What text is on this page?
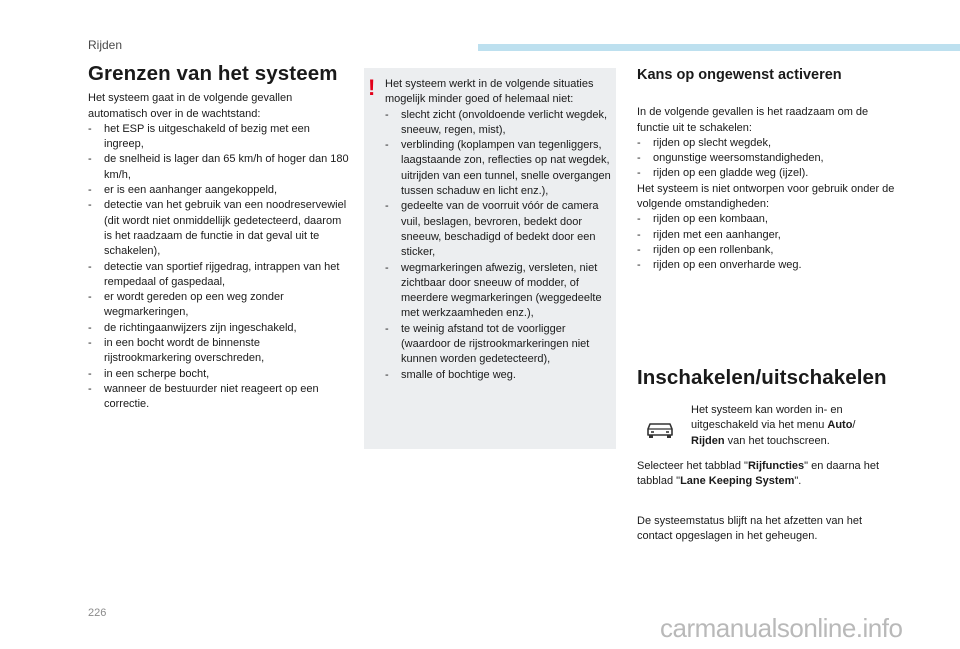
Rijden
Grenzen van het systeem

Het systeem gaat in de volgende gevallen automatisch over in de wachtstand:

- het ESP is uitgeschakeld of bezig met een ingreep,
- de snelheid is lager dan 65 km/h of hoger dan 180 km/h,
- er is een aanhanger aangekoppeld,
- detectie van het gebruik van een noodreservewiel (dit wordt niet onmiddellijk gedetecteerd, daarom is het raadzaam de functie in dat geval uit te schakelen),
- detectie van sportief rijgedrag, intrappen van het rempedaal of gaspedaal,
- er wordt gereden op een weg zonder wegmarkeringen,
- de richtingaanwijzers zijn ingeschakeld,
- in een bocht wordt de binnenste rijstrookmarkering overschreden,
- in een scherpe bocht,
- wanneer de bestuurder niet reageert op een correctie.
! Het systeem werkt in de volgende situaties mogelijk minder goed of helemaal niet:

- slecht zicht (onvoldoende verlicht wegdek, sneeuw, regen, mist),
- verblinding (koplampen van tegenliggers, laagstaande zon, reflecties op nat wegdek, uitrijden van een tunnel, snelle overgangen tussen schaduw en licht enz.),
- gedeelte van de voorruit vóór de camera vuil, beslagen, bevroren, bedekt door sneeuw, beschadigd of bedekt door een sticker,
- wegmarkeringen afwezig, versleten, niet zichtbaar door sneeuw of modder, of meerdere wegmarkeringen (weggedeelte met werkzaamheden enz.),
- te weinig afstand tot de voorligger (waardoor de rijstrookmarkeringen niet kunnen worden gedetecteerd),
- smalle of bochtige weg.
Kans op ongewenst activeren

In de volgende gevallen is het raadzaam om de functie uit te schakelen:

- rijden op slecht wegdek,
- ongunstige weersomstandigheden,
- rijden op een gladde weg (ijzel).

Het systeem is niet ontworpen voor gebruik onder de volgende omstandigheden:

- rijden op een kombaan,
- rijden met een aanhanger,
- rijden op een rollenbank,
- rijden op een onverharde weg.
Inschakelen/uitschakelen
Het systeem kan worden in- en uitgeschakeld via het menu Auto/
Rijden van het touchscreen.
Selecteer het tabblad "Rijfuncties" en daarna het tabblad "Lane Keeping System".
De systeemstatus blijft na het afzetten van het contact opgeslagen in het geheugen.
226	carmanualsonline.info
